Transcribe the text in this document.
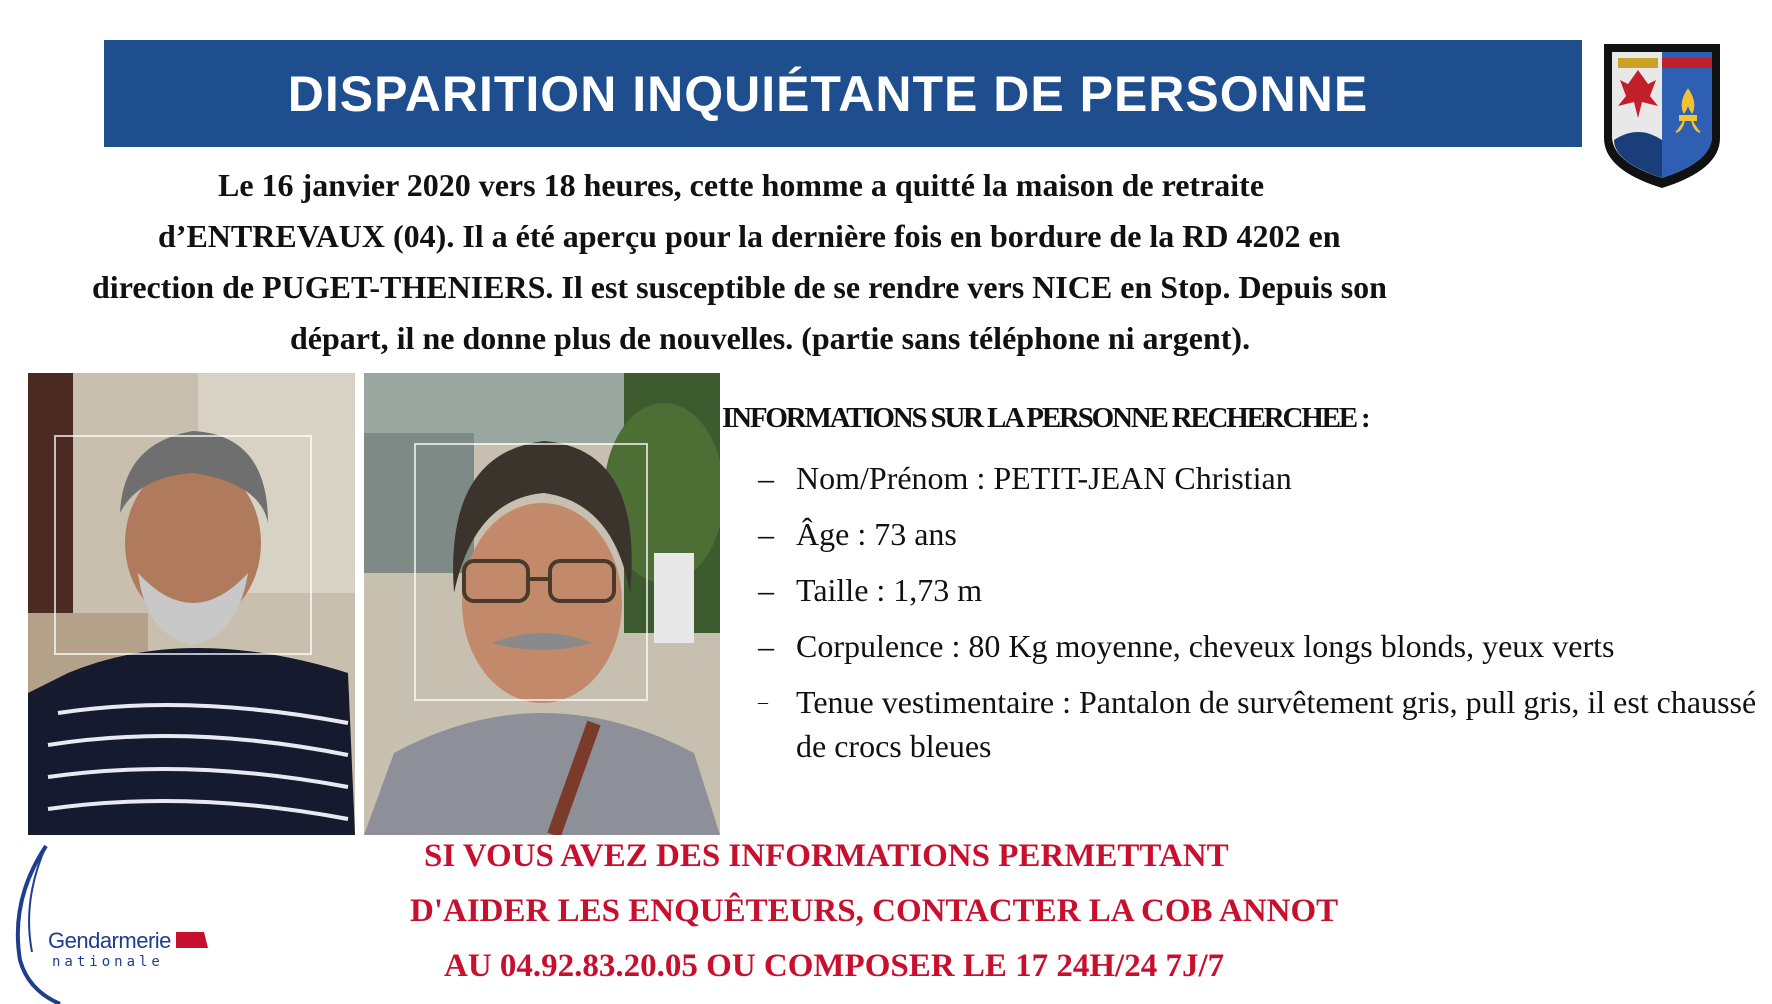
DISPARITION INQUIÉTANTE DE PERSONNE
Le 16 janvier 2020 vers 18 heures, cette homme a quitté la maison de retraite
d’ENTREVAUX (04). Il a été aperçu pour la dernière fois en bordure de la RD 4202 en
direction de PUGET-THENIERS. Il est susceptible de se rendre vers NICE en Stop. Depuis son
départ, il ne donne plus de nouvelles. (partie sans téléphone ni argent).
INFORMATIONS SUR LA PERSONNE RECHERCHEE :
– Nom/Prénom : PETIT-JEAN Christian
– Âge : 73 ans
– Taille : 1,73 m
– Corpulence : 80 Kg moyenne, cheveux longs blonds, yeux verts
– Tenue vestimentaire : Pantalon de survêtement gris, pull gris, il est chaussé de crocs bleues
SI VOUS AVEZ DES INFORMATIONS PERMETTANT
D'AIDER LES ENQUÊTEURS, CONTACTER LA COB ANNOT
AU 04.92.83.20.05 OU COMPOSER LE 17 24H/24 7J/7
Gendarmerie
nationale
